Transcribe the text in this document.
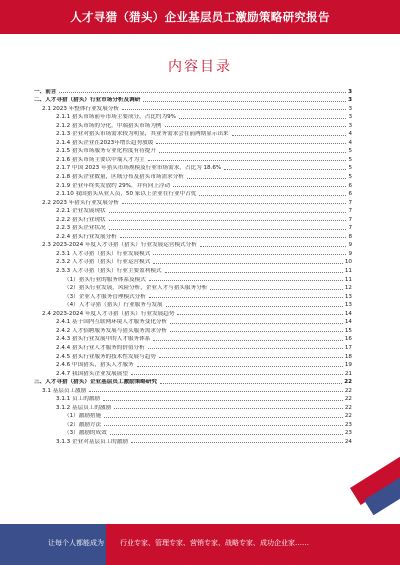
人才寻猎（猎头）企业基层员工激励策略研究报告
内容目录
一、前言	3
二、人才寻猎（猎头）行业市场分析及调研	3
2.1 2023 年整体行业发展分析	3
2.1.1 猎头市场前年市场主要成分，占比约为9%	3
2.1.2 猎头市场的分化，中端猎头市场为例	3
2.1.3 企业对猎头市场需求较为明显，其业务需求会在前两期显示出来	4
2.1.4 猎头企业在2023年增长趋势放缓	4
2.1.5 猎头市场服务专业化程度有待提升	5
2.1.6 猎头市场主要以中端人才为主	5
2.1.7 中国 2023 年猎头市场规模及行业市场需求，占比为 18.6%	5
2.1.8 猎头企业数量，区域分布及猎头市场需求分析	5
2.1.9 企业年终奖发放约 29%，并有向上浮动	6
2.1.10 我国猎头从业人员，50 家以上企业在行业中占优	6
2.2 2023 年猎头行业发展分析	7
2.2.1 企业发展现状	7
2.2.2 猎头行业现状	7
2.2.3 猎头企业状况	7
2.2.4 猎头行业发展分析	8
2.3 2023-2024 年度人才寻猎（猎头）行业发展运营模式分析	9
2.3.1 人才寻猎（猎头）行业发展模式	9
2.3.2 人才寻猎（猎头）行业运营模式	10
2.3.3 人才寻猎（猎头）行业主要盈利模式	11
（1）猎头行业的服务体系及模式	11
（2）猎头行业发展，风险分析，企业人才与猎头服务分析	12
（3）企业人才服务管理模式分析	13
（4）人才寻猎（猎头）行业服务与发展	13
2.4 2023-2024 年度人才寻猎（猎头）行业发展趋势	14
2.4.1 基于国内互联网环境人才服务变化分析	14
2.4.2 人才招聘服务发展与猎头服务需求分析	15
2.4.3 猎头行业发展中的人才服务体系	16
2.4.4 猎头行业人才服务的价值分析	17
2.4.5 猎头行业服务的技术性发展与趋势	18
2.4.6 中国猎头，猎头人才服务	19
2.4.7 我国猎头企业发展展望	21
三、人才寻猎（猎头）企业基层员工激励策略研究	22
3.1 基层员工激励	22
3.1.1 员工的激励	22
3.1.2 基层员工的激励	22
（1）激励措施	22
（2）激励方法	23
（3）激励的成效	23
3.1.3 企业对基层员工的激励	24
让每个人都能成为 行业专家、管理专家、营销专家、战略专家、成功企业家……
